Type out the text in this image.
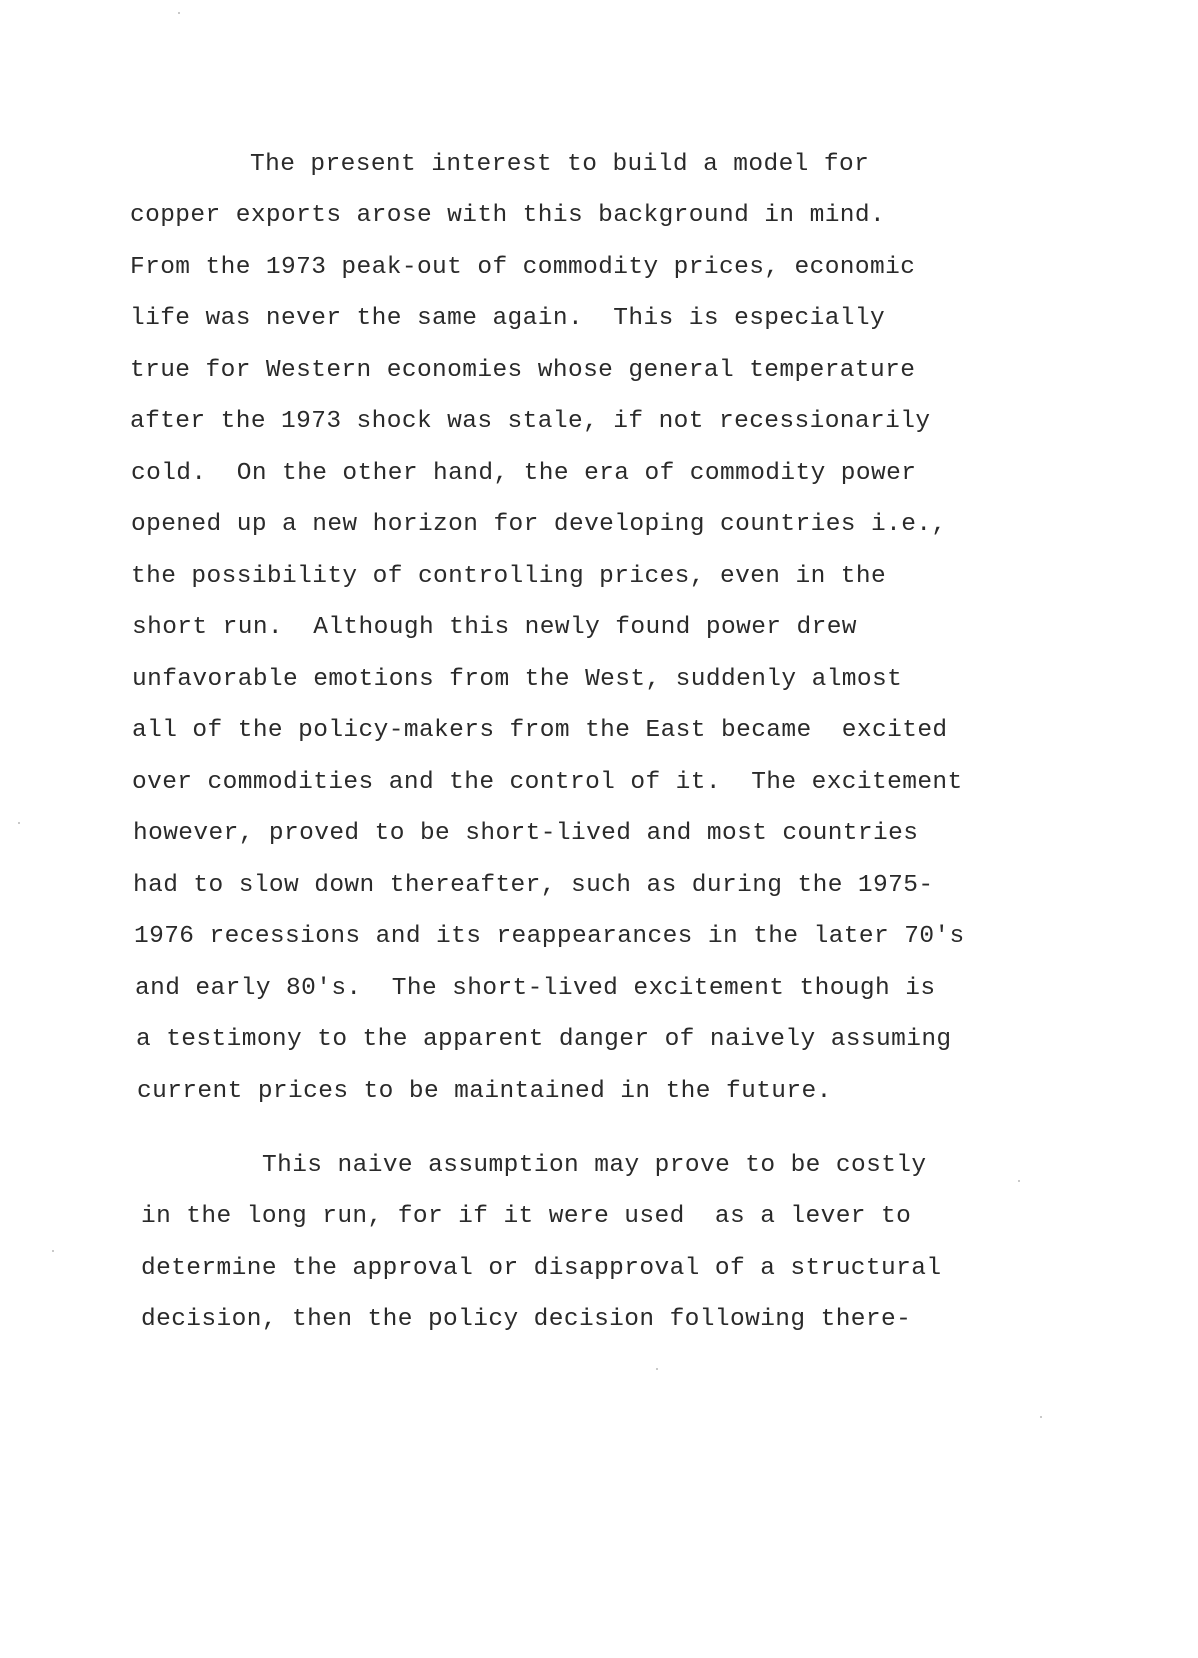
The present interest to build a model for
copper exports arose with this background in mind.
From the 1973 peak-out of commodity prices, economic
life was never the same again.  This is especially
true for Western economies whose general temperature
after the 1973 shock was stale, if not recessionarily
cold.  On the other hand, the era of commodity power
opened up a new horizon for developing countries i.e.,
the possibility of controlling prices, even in the
short run.  Although this newly found power drew
unfavorable emotions from the West, suddenly almost
all of the policy-makers from the East became  excited
over commodities and the control of it.  The excitement
however, proved to be short-lived and most countries
had to slow down thereafter, such as during the 1975-
1976 recessions and its reappearances in the later 70's
and early 80's.  The short-lived excitement though is
a testimony to the apparent danger of naively assuming
current prices to be maintained in the future.
This naive assumption may prove to be costly
in the long run, for if it were used  as a lever to
determine the approval or disapproval of a structural
decision, then the policy decision following there-
